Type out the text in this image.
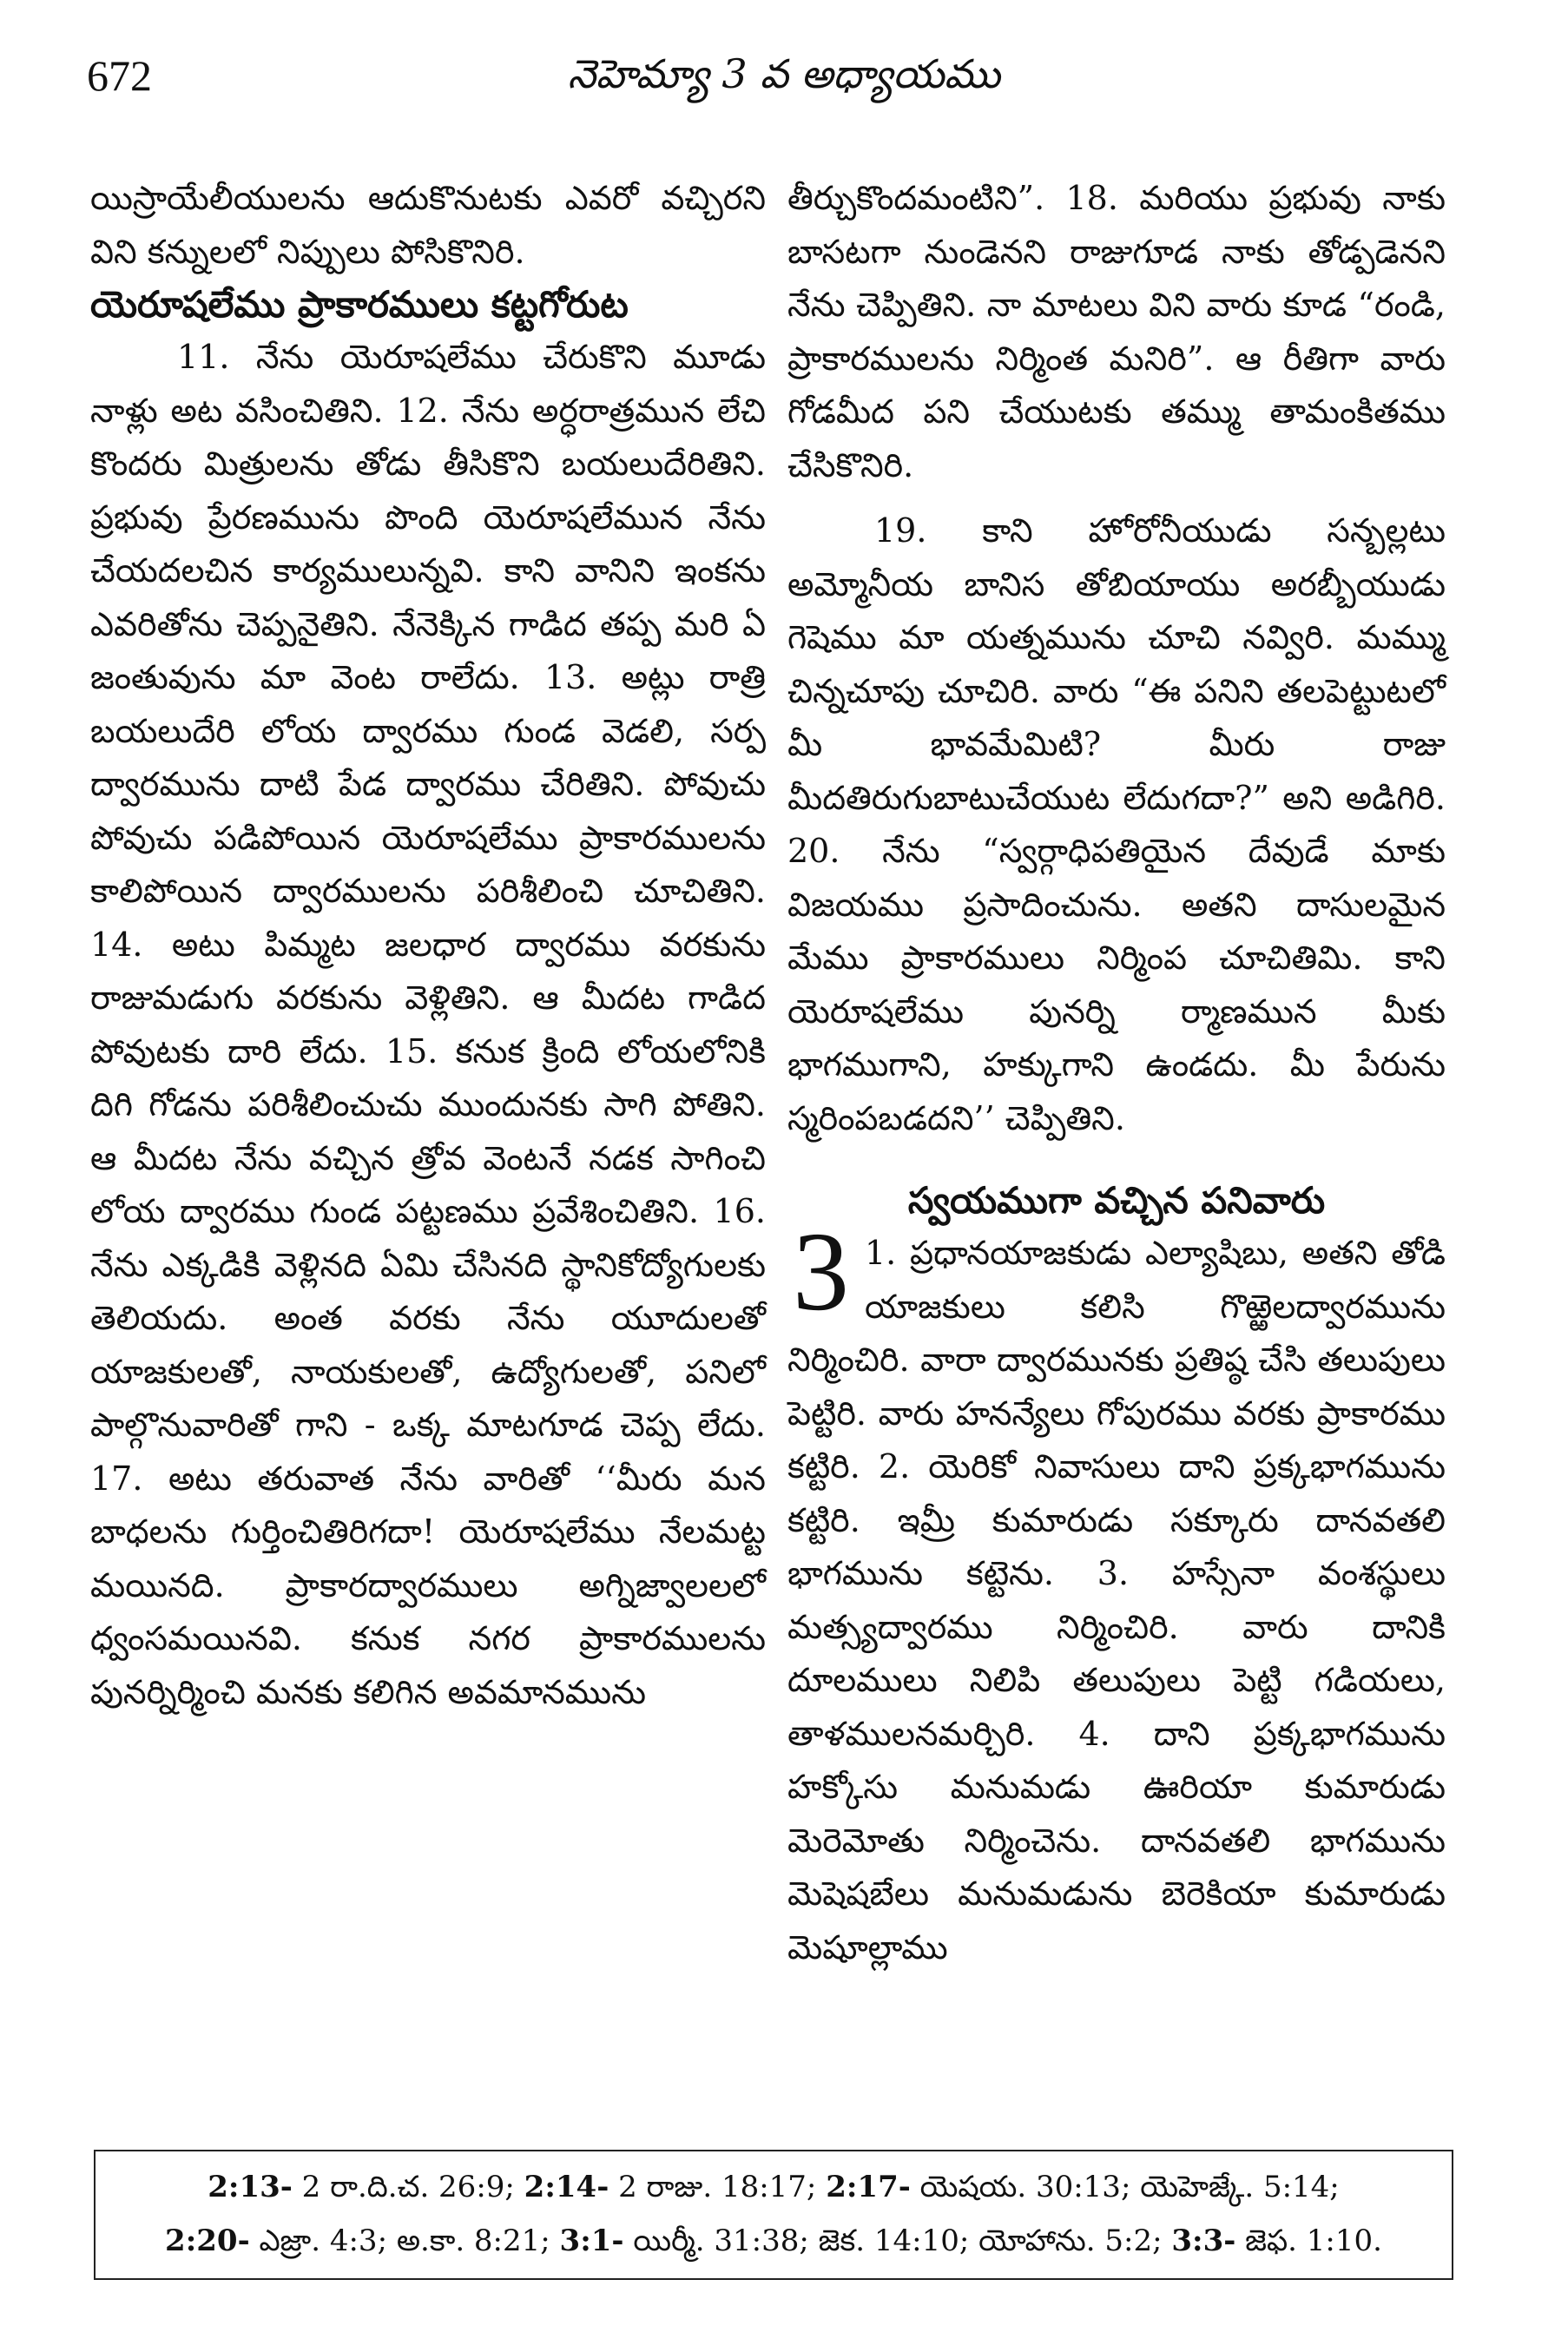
672	నెహెమ్యా 3 వ అధ్యాయము

యిస్రాయేలీయులను ఆదుకొనుటకు ఎవరో వచ్చిరని విని కన్నులలో నిప్పులు పోసికొనిరి.

యెరూషలేము ప్రాకారములు కట్టగోరుట

11. నేను యెరూషలేము చేరుకొని మూడు నాళ్లు అట వసించితిని. 12. నేను అర్ధరాత్రమున లేచి కొందరు మిత్రులను తోడు తీసికొని బయలుదేరితిని. ప్రభువు ప్రేరణమును పొంది యెరూషలేమున నేను చేయదలచిన కార్యములున్నవి. కాని వానిని ఇంకను ఎవరితోను చెప్పనైతిని. నేనెక్కిన గాడిద తప్ప మరి ఏ జంతువును మా వెంట రాలేదు. 13. అట్లు రాత్రి బయలుదేరి లోయ ద్వారము గుండ వెడలి, సర్ప ద్వారమును దాటి పేడ ద్వారము చేరితిని. పోవుచు పోవుచు పడిపోయిన యెరూషలేము ప్రాకారములను కాలిపోయిన ద్వారములను పరిశీలించి చూచితిని. 14. అటు పిమ్మట జలధార ద్వారము వరకును రాజుమడుగు వరకును వెళ్లితిని. ఆ మీదట గాడిద పోవుటకు దారి లేదు. 15. కనుక క్రింది లోయలోనికి దిగి గోడను పరిశీలించుచు ముందునకు సాగి పోతిని. ఆ మీదట నేను వచ్చిన త్రోవ వెంటనే నడక సాగించి లోయ ద్వారము గుండ పట్టణము ప్రవేశించితిని. 16. నేను ఎక్కడికి వెళ్లినది ఏమి చేసినది స్థానికోద్యోగులకు తెలియదు. అంత వరకు నేను యూదులతో యాజకులతో, నాయకులతో, ఉద్యోగులతో, పనిలో పాల్గొనువారితో గాని - ఒక్క మాటగూడ చెప్ప లేదు. 17. అటు తరువాత నేను వారితో ‘‘మీరు మన బాధలను గుర్తించితిరిగదా! యెరూషలేము నేలమట్ట మయినది. ప్రాకారద్వారములు అగ్నిజ్వాలలలో ధ్వంసమయినవి. కనుక నగర ప్రాకారములను పునర్నిర్మించి మనకు కలిగిన అవమానమును

తీర్చుకొందమంటిని”. 18. మరియు ప్రభువు నాకు బాసటగా నుండెనని రాజుగూడ నాకు తోడ్పడెనని నేను చెప్పితిని. నా మాటలు విని వారు కూడ “రండి, ప్రాకారములను నిర్మింత మనిరి”. ఆ రీతిగా వారు గోడమీద పని చేయుటకు తమ్ము తామంకితము చేసికొనిరి.

19. కాని హోరోనీయుడు సన్బల్లటు అమ్మోనీయ బానిస తోబియాయు అరబ్బీయుడు గెషెము మా యత్నమును చూచి నవ్విరి. మమ్ము చిన్నచూపు చూచిరి. వారు “ఈ పనిని తలపెట్టుటలో మీ భావమేమిటి? మీరు రాజు మీదతిరుగుబాటుచేయుట లేదుగదా?” అని అడిగిరి. 20. నేను “స్వర్గాధిపతియైన దేవుడే మాకు విజయము ప్రసాదించును. అతని దాసులమైన మేము ప్రాకారములు నిర్మింప చూచితిమి. కాని యెరూషలేము పునర్ని ర్మాణమున మీకు భాగముగాని, హక్కుగాని ఉండదు. మీ పేరును స్మరింపబడదని’’ చెప్పితిని.

స్వయముగా వచ్చిన పనివారు

3 1. ప్రధానయాజకుడు ఎల్యాషిబు, అతని తోడి యాజకులు కలిసి గొఱ్ఱెలద్వారమును నిర్మించిరి. వారా ద్వారమునకు ప్రతిష్ఠ చేసి తలుపులు పెట్టిరి. వారు హనన్యేలు గోపురము వరకు ప్రాకారము కట్టిరి. 2. యెరికో నివాసులు దాని ప్రక్కభాగమును కట్టిరి. ఇమ్రీ కుమారుడు సక్కూరు దానవతలి భాగమును కట్టెను. 3. హస్సేనా వంశస్థులు మత్స్యద్వారము నిర్మించిరి. వారు దానికి దూలములు నిలిపి తలుపులు పెట్టి గడియలు, తాళములనమర్చిరి. 4. దాని ప్రక్కభాగమును హక్కోసు మనుమడు ఊరియా కుమారుడు మెరెమోతు నిర్మించెను. దానవతలి భాగమును మెషెషబేలు మనుమడును బెరెకియా కుమారుడు మెషూల్లాము

2:13- 2 రా.ది.చ. 26:9; 2:14- 2 రాజు. 18:17; 2:17- యెషయ. 30:13; యెహెజ్కే. 5:14;
2:20- ఎజ్రా. 4:3; అ.కా. 8:21; 3:1- యిర్మీ. 31:38; జెక. 14:10; యోహాను. 5:2; 3:3- జెఫ. 1:10.
